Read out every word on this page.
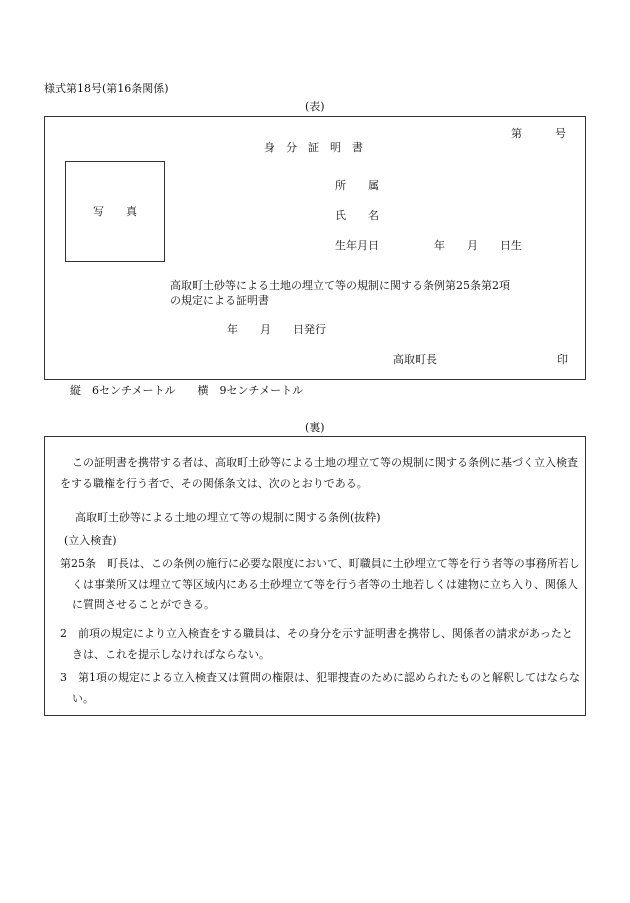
様式第18号(第16条関係)
(表)
第　　　号
身　分　証　明　書
写　　真
所　　属
氏　　名
生年月日　　　　　年　　月　　日生
高取町土砂等による土地の埋立て等の規制に関する条例第25条第2項
の規定による証明書
年　　月　　日発行
高取町長	印
縦　6センチメートル　　横　9センチメートル
(裏)
この証明書を携帯する者は、高取町土砂等による土地の埋立て等の規制に関する条例に基づく立入検査をする職権を行う者で、その関係条文は、次のとおりである。
高取町土砂等による土地の埋立て等の規制に関する条例(抜粋)
(立入検査)
第25条　町長は、この条例の施行に必要な限度において、町職員に土砂埋立て等を行う者等の事務所若しくは事業所又は埋立て等区域内にある土砂埋立て等を行う者等の土地若しくは建物に立ち入り、関係人に質問させることができる。
2　前項の規定により立入検査をする職員は、その身分を示す証明書を携帯し、関係者の請求があったときは、これを提示しなければならない。
3　第1項の規定による立入検査又は質問の権限は、犯罪捜査のために認められたものと解釈してはならない。
